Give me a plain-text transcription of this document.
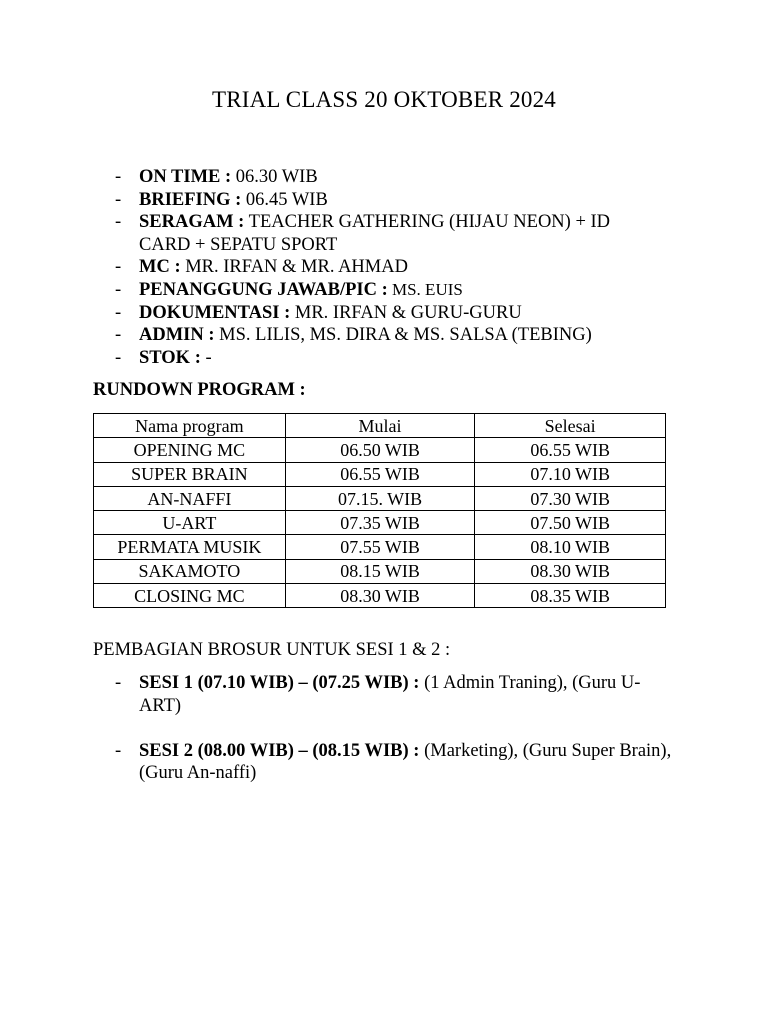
TRIAL CLASS 20 OKTOBER 2024
- ON TIME : 06.30 WIB
- BRIEFING : 06.45 WIB
- SERAGAM : TEACHER GATHERING (HIJAU NEON) + ID CARD + SEPATU SPORT
- MC : MR. IRFAN & MR. AHMAD
- PENANGGUNG JAWAB/PIC : MS. EUIS
- DOKUMENTASI : MR. IRFAN & GURU-GURU
- ADMIN : MS. LILIS, MS. DIRA & MS. SALSA (TEBING)
- STOK : -
RUNDOWN PROGRAM :
Nama program	Mulai	Selesai
OPENING MC	06.50 WIB	06.55 WIB
SUPER BRAIN	06.55 WIB	07.10 WIB
AN-NAFFI	07.15. WIB	07.30 WIB
U-ART	07.35 WIB	07.50 WIB
PERMATA MUSIK	07.55 WIB	08.10 WIB
SAKAMOTO	08.15 WIB	08.30 WIB
CLOSING MC	08.30 WIB	08.35 WIB
PEMBAGIAN BROSUR UNTUK SESI 1 & 2 :
- SESI 1 (07.10 WIB) – (07.25 WIB) : (1 Admin Traning), (Guru U-ART)
- SESI 2 (08.00 WIB) – (08.15 WIB) : (Marketing), (Guru Super Brain), (Guru An-naffi)
